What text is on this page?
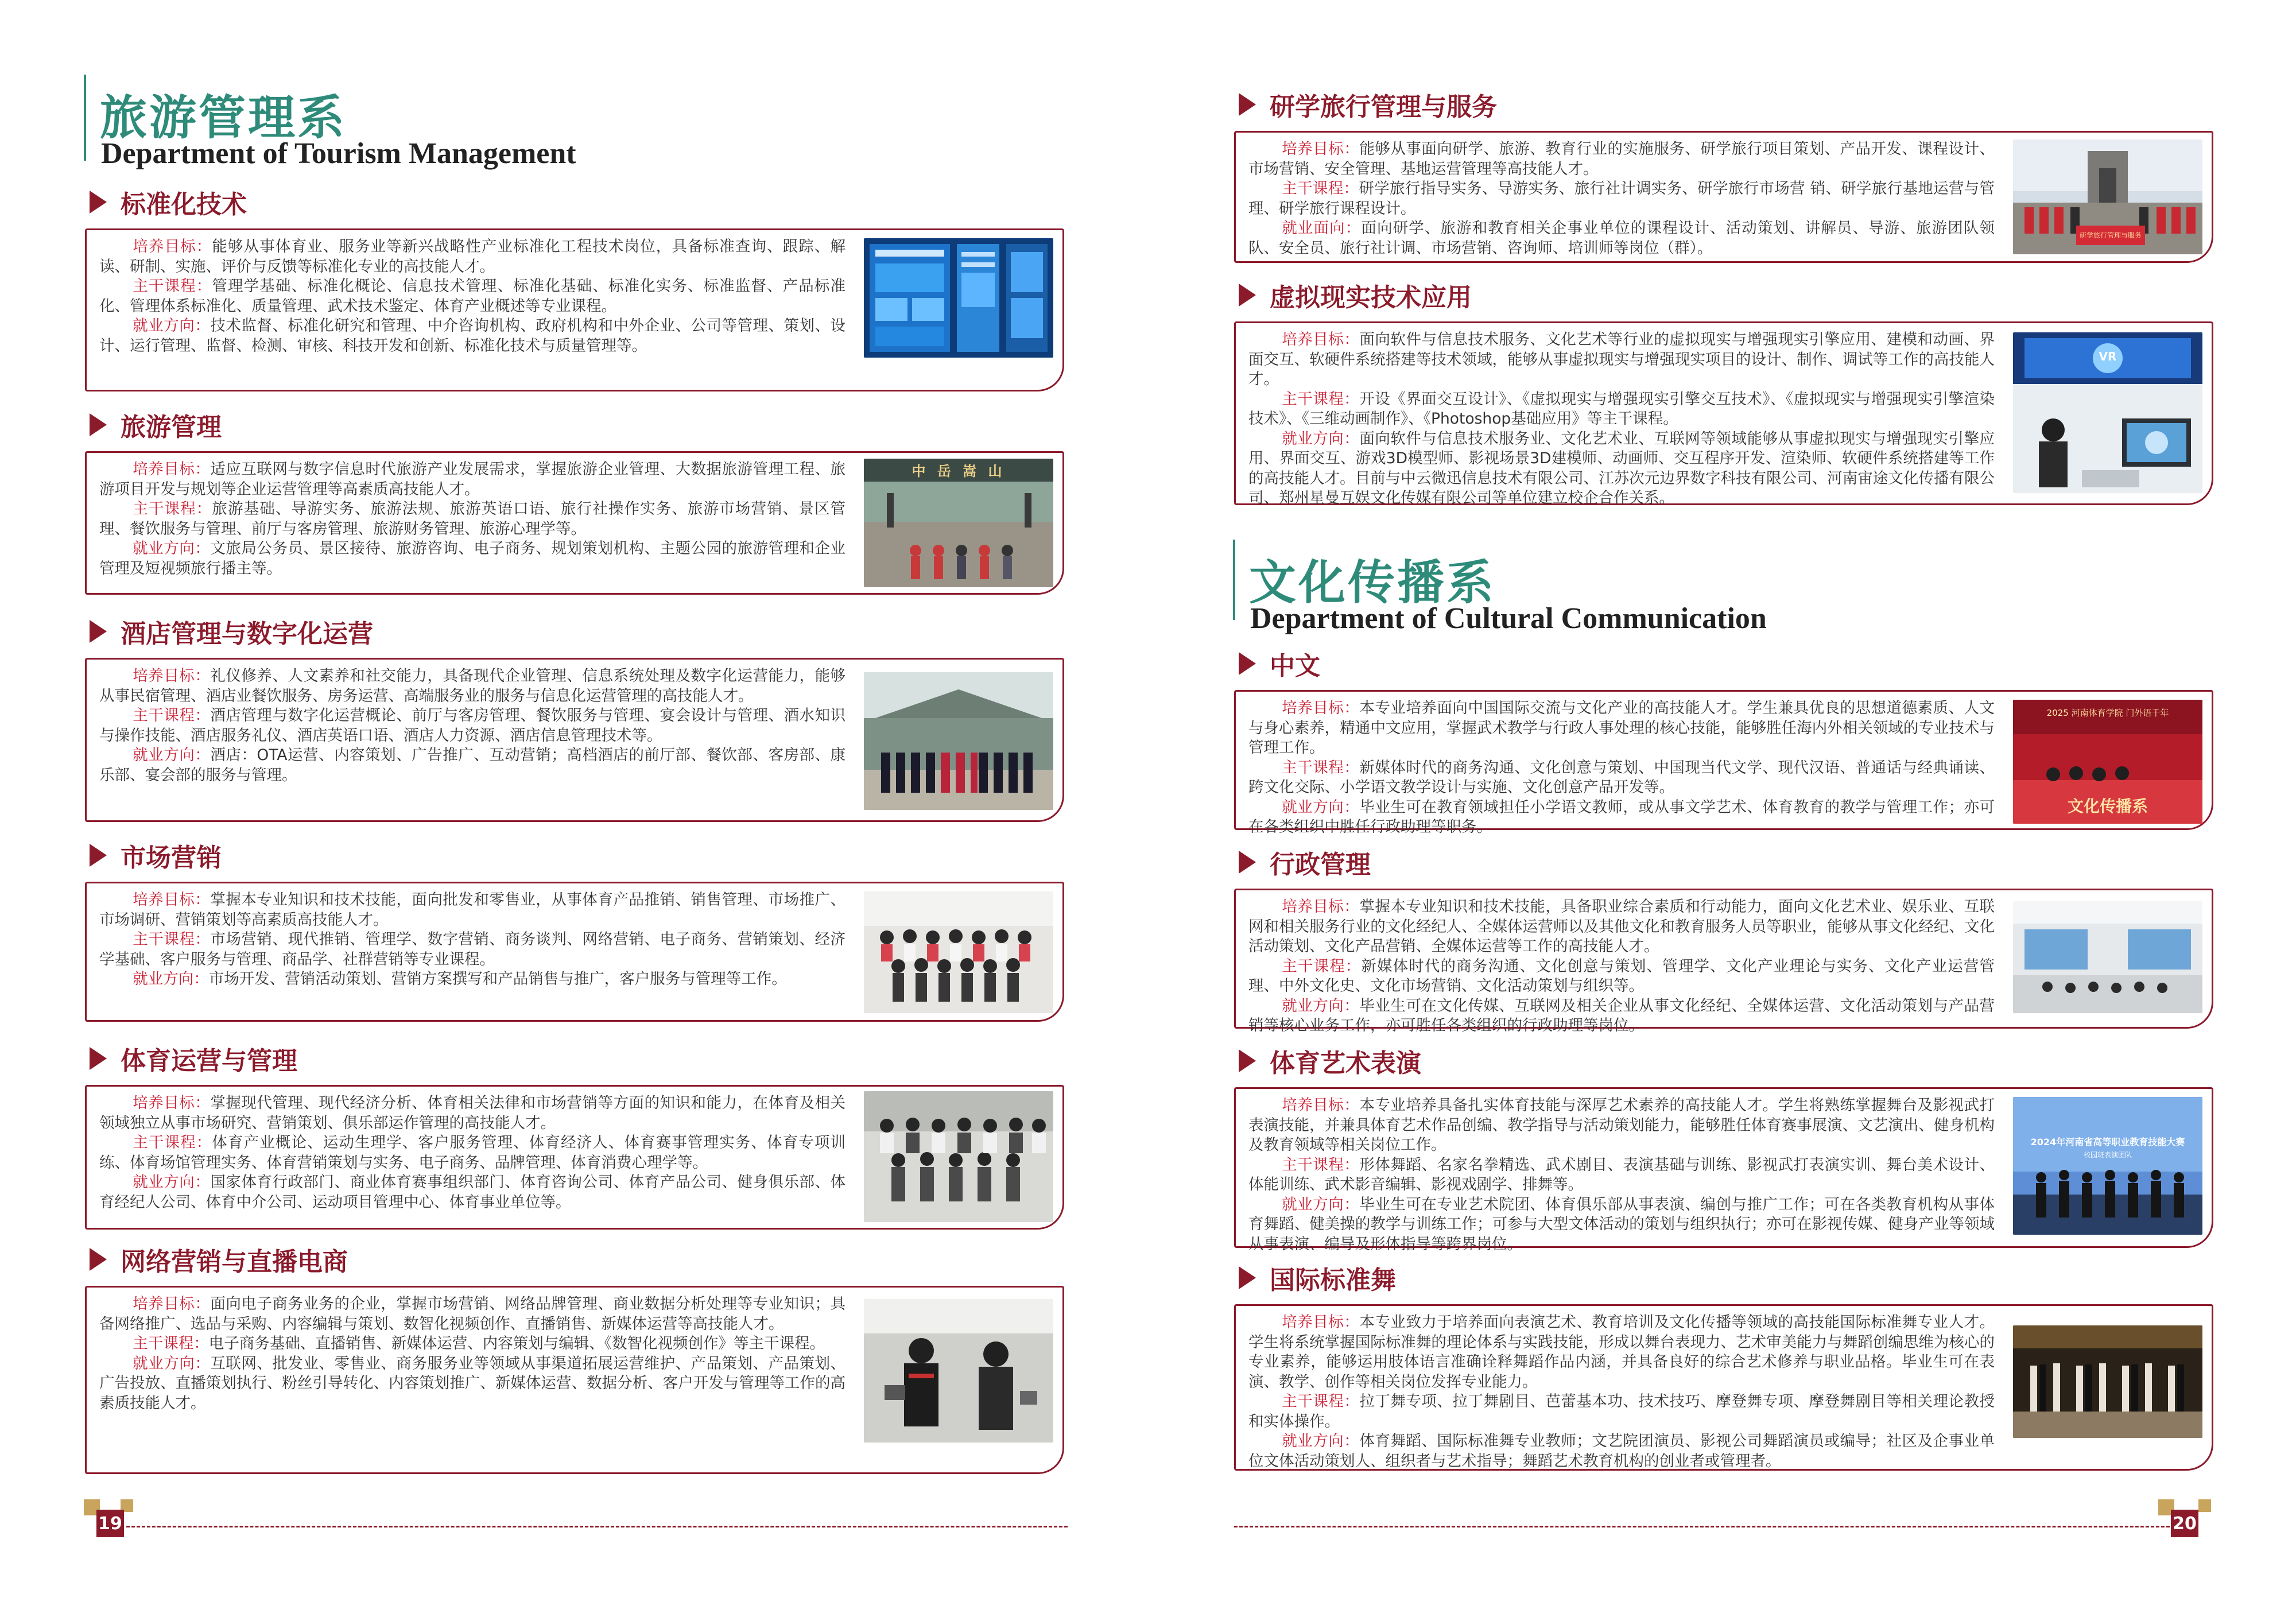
旅游管理系
Department of Tourism Management
标准化技术

培养目标：能够从事体育业、服务业等新兴战略性产业标准化工程技术岗位，具备标准查询、跟踪、解读、研制、实施、评价与反馈等标准化专业的高技能人才。

主干课程：管理学基础、标准化概论、信息技术管理、标准化基础、标准化实务、标准监督、产品标准化、管理体系标准化、质量管理、武术技术鉴定、体育产业概述等专业课程。

就业方向：技术监督、标准化研究和管理、中介咨询机构、政府机构和中外企业、公司等管理、策划、设计、运行管理、监督、检测、审核、科技开发和创新、标准化技术与质量管理等。

旅游管理

培养目标：适应互联网与数字信息时代旅游产业发展需求，掌握旅游企业管理、大数据旅游管理工程、旅游项目开发与规划等企业运营管理等高素质高技能人才。

主干课程：旅游基础、导游实务、旅游法规、旅游英语口语、旅行社操作实务、旅游市场营销、景区管理、餐饮服务与管理、前厅与客房管理、旅游财务管理、旅游心理学等。

就业方向：文旅局公务员、景区接待、旅游咨询、电子商务、规划策划机构、主题公园的旅游管理和企业管理及短视频旅行播主等。

中 岳 嵩 山
酒店管理与数字化运营

培养目标：礼仪修养、人文素养和社交能力，具备现代企业管理、信息系统处理及数字化运营能力，能够从事民宿管理、酒店业餐饮服务、房务运营、高端服务业的服务与信息化运营管理的高技能人才。

主干课程：酒店管理与数字化运营概论、前厅与客房管理、餐饮服务与管理、宴会设计与管理、酒水知识与操作技能、酒店服务礼仪、酒店英语口语、酒店人力资源、酒店信息管理技术等。

就业方向：酒店：OTA运营、内容策划、广告推广、互动营销；高档酒店的前厅部、餐饮部、客房部、康乐部、宴会部的服务与管理。

市场营销

培养目标：掌握本专业知识和技术技能，面向批发和零售业，从事体育产品推销、销售管理、市场推广、市场调研、营销策划等高素质高技能人才。

主干课程：市场营销、现代推销、管理学、数字营销、商务谈判、网络营销、电子商务、营销策划、经济学基础、客户服务与管理、商品学、社群营销等专业课程。

就业方向：市场开发、营销活动策划、营销方案撰写和产品销售与推广，客户服务与管理等工作。

体育运营与管理

培养目标：掌握现代管理、现代经济分析、体育相关法律和市场营销等方面的知识和能力，在体育及相关领域独立从事市场研究、营销策划、俱乐部运作管理的高技能人才。

主干课程：体育产业概论、运动生理学、客户服务管理、体育经济人、体育赛事管理实务、体育专项训练、体育场馆管理实务、体育营销策划与实务、电子商务、品牌管理、体育消费心理学等。

就业方向：国家体育行政部门、商业体育赛事组织部门、体育咨询公司、体育产品公司、健身俱乐部、体育经纪人公司、体育中介公司、运动项目管理中心、体育事业单位等。

网络营销与直播电商

培养目标：面向电子商务业务的企业，掌握市场营销、网络品牌管理、商业数据分析处理等专业知识；具备网络推广、选品与采购、内容编辑与策划、数智化视频创作、直播销售、新媒体运营等高技能人才。

主干课程：电子商务基础、直播销售、新媒体运营、内容策划与编辑、《数智化视频创作》等主干课程。

就业方向：互联网、批发业、零售业、商务服务业等领域从事渠道拓展运营维护、产品策划、产品策划、广告投放、直播策划执行、粉丝引导转化、内容策划推广、新媒体运营、数据分析、客户开发与管理等工作的高素质技能人才。

19
研学旅行管理与服务

培养目标：能够从事面向研学、旅游、教育行业的实施服务、研学旅行项目策划、产品开发、课程设计、市场营销、安全管理、基地运营管理等高技能人才。

主干课程：研学旅行指导实务、导游实务、旅行社计调实务、研学旅行市场营 销、研学旅行基地运营与管理、研学旅行课程设计。

就业面向：面向研学、旅游和教育相关企事业单位的课程设计、活动策划、讲解员、导游、旅游团队领队、安全员、旅行社计调、市场营销、咨询师、培训师等岗位（群）。

研学旅行管理与服务
虚拟现实技术应用

培养目标：面向软件与信息技术服务、文化艺术等行业的虚拟现实与增强现实引擎应用、建模和动画、界面交互、软硬件系统搭建等技术领域，能够从事虚拟现实与增强现实项目的设计、制作、调试等工作的高技能人才。

主干课程：开设《界面交互设计》、《虚拟现实与增强现实引擎交互技术》、《虚拟现实与增强现实引擎渲染技术》、《三维动画制作》、《Photoshop基础应用》等主干课程。

就业方向：面向软件与信息技术服务业、文化艺术业、互联网等领域能够从事虚拟现实与增强现实引擎应用、界面交互、游戏3D模型师、影视场景3D建模师、动画师、交互程序开发、渲染师、软硬件系统搭建等工作的高技能人才。目前与中云微迅信息技术有限公司、江苏次元边界数字科技有限公司、河南宙途文化传播有限公司、郑州星曼互娱文化传媒有限公司等单位建立校企合作关系。

VR
文化传播系
Department of Cultural Communication
中文

培养目标：本专业培养面向中国国际交流与文化产业的高技能人才。学生兼具优良的思想道德素质、人文与身心素养，精通中文应用，掌握武术教学与行政人事处理的核心技能，能够胜任海内外相关领域的专业技术与管理工作。

主干课程：新媒体时代的商务沟通、文化创意与策划、中国现当代文学、现代汉语、普通话与经典诵读、跨文化交际、小学语文教学设计与实施、文化创意产品开发等。

就业方向：毕业生可在教育领域担任小学语文教师，或从事文学艺术、体育教育的教学与管理工作；亦可在各类组织中胜任行政助理等职务。

2025 河南体育学院 门外语千年
文化传播系
行政管理

培养目标：掌握本专业知识和技术技能，具备职业综合素质和行动能力，面向文化艺术业、娱乐业、互联网和相关服务行业的文化经纪人、全媒体运营师以及其他文化和教育服务人员等职业，能够从事文化经纪、文化活动策划、文化产品营销、全媒体运营等工作的高技能人才。

主干课程：新媒体时代的商务沟通、文化创意与策划、管理学、文化产业理论与实务、文化产业运营管理、中外文化史、文化市场营销、文化活动策划与组织等。

就业方向：毕业生可在文化传媒、互联网及相关企业从事文化经纪、全媒体运营、文化活动策划与产品营销等核心业务工作，亦可胜任各类组织的行政助理等岗位。

体育艺术表演

培养目标：本专业培养具备扎实体育技能与深厚艺术素养的高技能人才。学生将熟练掌握舞台及影视武打表演技能，并兼具体育艺术作品创编、教学指导与活动策划能力，能够胜任体育赛事展演、文艺演出、健身机构及教育领域等相关岗位工作。

主干课程：形体舞蹈、名家名拳精选、武术剧目、表演基础与训练、影视武打表演实训、舞台美术设计、体能训练、武术影音编辑、影视戏剧学、排舞等。

就业方向：毕业生可在专业艺术院团、体育俱乐部从事表演、编创与推广工作；可在各类教育机构从事体育舞蹈、健美操的教学与训练工作；可参与大型文体活动的策划与组织执行；亦可在影视传媒、健身产业等领域从事表演、编导及形体指导等跨界岗位。

2024年河南省高等职业教育技能大赛
校园班表演团队
国际标准舞

培养目标：本专业致力于培养面向表演艺术、教育培训及文化传播等领域的高技能国际标准舞专业人才。学生将系统掌握国际标准舞的理论体系与实践技能，形成以舞台表现力、艺术审美能力与舞蹈创编思维为核心的专业素养，能够运用肢体语言准确诠释舞蹈作品内涵，并具备良好的综合艺术修养与职业品格。毕业生可在表演、教学、创作等相关岗位发挥专业能力。

主干课程：拉丁舞专项、拉丁舞剧目、芭蕾基本功、技术技巧、摩登舞专项、摩登舞剧目等相关理论教授和实体操作。

就业方向：体育舞蹈、国际标准舞专业教师；文艺院团演员、影视公司舞蹈演员或编导；社区及企事业单位文体活动策划人、组织者与艺术指导；舞蹈艺术教育机构的创业者或管理者。

20
